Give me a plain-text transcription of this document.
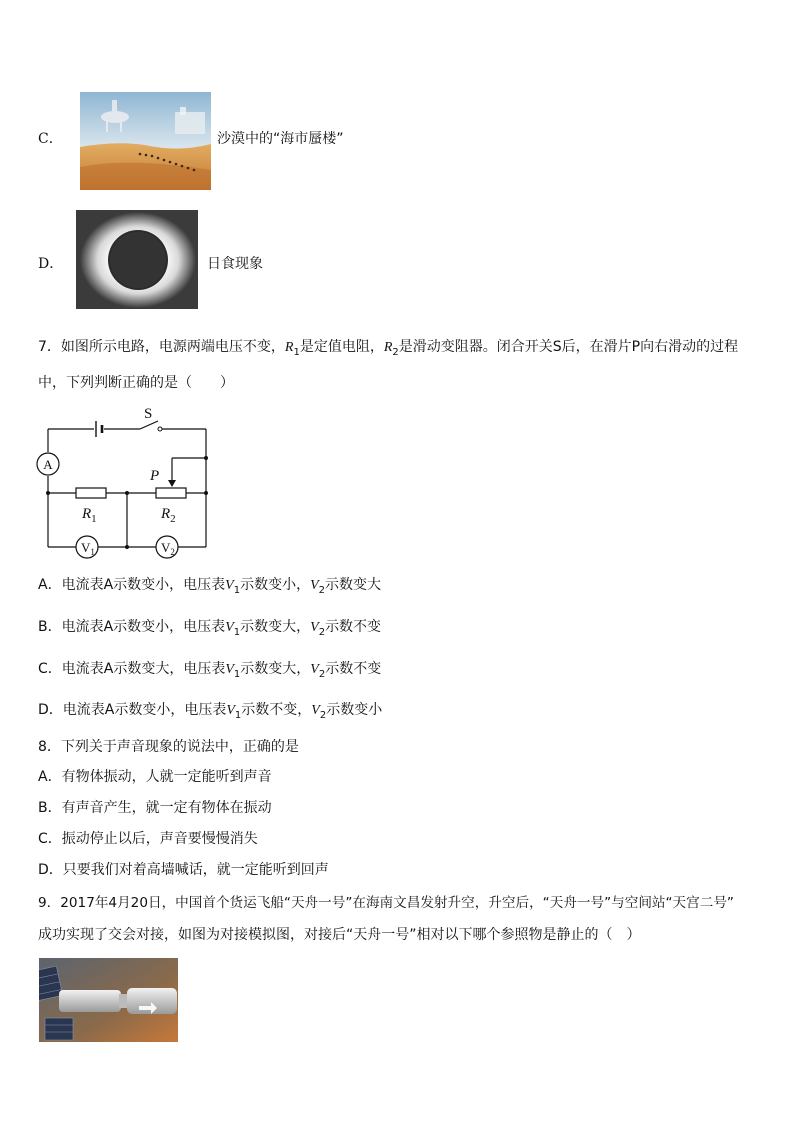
C．	沙漠中的“海市蜃楼”
D．	日食现象
7．如图所示电路，电源两端电压不变，$R_1$是定值电阻，$R_2$是滑动变阻器。闭合开关S后，在滑片P向右滑动的过程
中，下列判断正确的是（　　）
S
A
$R_1$
P
$R_2$
$V_1$	$V_2$
A．电流表A示数变小，电压表$V_1$示数变小，$V_2$示数变大
B．电流表A示数变小，电压表$V_1$示数变大，$V_2$示数不变
C．电流表A示数变大，电压表$V_1$示数变大，$V_2$示数不变
D．电流表A示数变小，电压表$V_1$示数不变，$V_2$示数变小
8．下列关于声音现象的说法中，正确的是
A．有物体振动，人就一定能听到声音
B．有声音产生，就一定有物体在振动
C．振动停止以后，声音要慢慢消失
D．只要我们对着高墙喊话，就一定能听到回声
9．2017年4月20日，中国首个货运飞船“天舟一号”在海南文昌发射升空，升空后，“天舟一号”与空间站“天宫二号”
成功实现了交会对接，如图为对接模拟图，对接后“天舟一号”相对以下哪个参照物是静止的（　）
